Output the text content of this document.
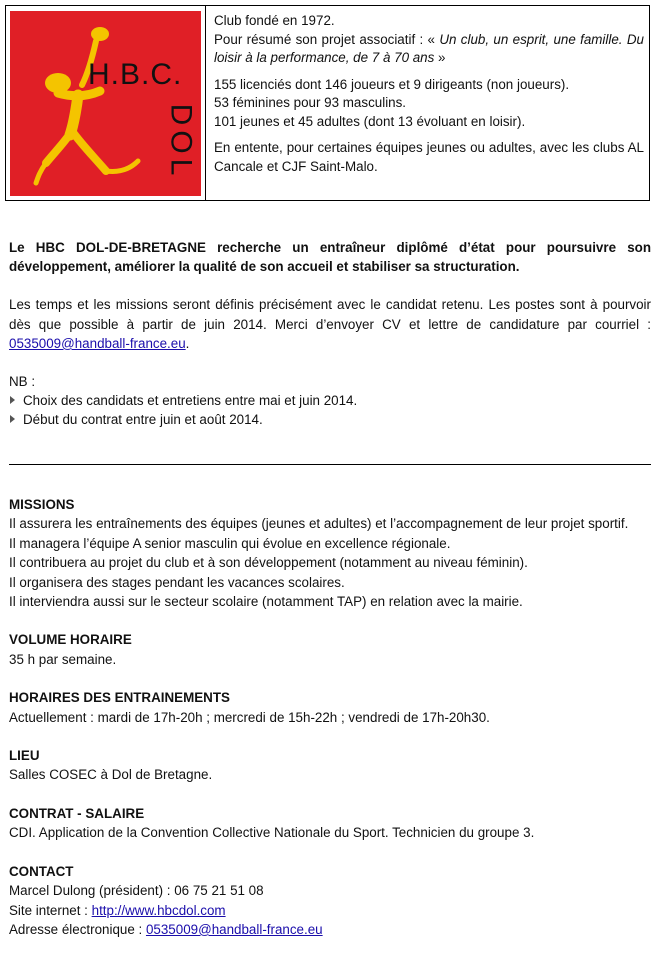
H.B.C.
DOL

Club fondé en 1972.

Pour résumé son projet associatif : « Un club, un esprit, une famille. Du loisir à la performance, de 7 à 70 ans »

155 licenciés dont 146 joueurs et 9 dirigeants (non joueurs).

53 féminines pour 93 masculins.

101 jeunes et 45 adultes (dont 13 évoluant en loisir).

En entente, pour certaines équipes jeunes ou adultes, avec les clubs AL Cancale et CJF Saint-Malo.

Le HBC DOL-DE-BRETAGNE recherche un entraîneur diplômé d’état pour poursuivre son développement, améliorer la qualité de son accueil et stabiliser sa structuration.

Les temps et les missions seront définis précisément avec le candidat retenu. Les postes sont à pourvoir dès que possible à partir de juin 2014. Merci d’envoyer CV et lettre de candidature par courriel : 0535009@handball-france.eu.

NB :

Choix des candidats et entretiens entre mai et juin 2014.
Début du contrat entre juin et août 2014.

MISSIONS

Il assurera les entraînements des équipes (jeunes et adultes) et l’accompagnement de leur projet sportif.

Il managera l’équipe A senior masculin qui évolue en excellence régionale.

Il contribuera au projet du club et à son développement (notamment au niveau féminin).

Il organisera des stages pendant les vacances scolaires.

Il interviendra aussi sur le secteur scolaire (notamment TAP) en relation avec la mairie.

VOLUME HORAIRE

35 h par semaine.

HORAIRES DES ENTRAINEMENTS

Actuellement : mardi de 17h-20h ; mercredi de 15h-22h ; vendredi de 17h-20h30.

LIEU

Salles COSEC à Dol de Bretagne.

CONTRAT - SALAIRE

CDI. Application de la Convention Collective Nationale du Sport. Technicien du groupe 3.

CONTACT

Marcel Dulong (président) : 06 75 21 51 08

Site internet : http://www.hbcdol.com

Adresse électronique : 0535009@handball-france.eu
